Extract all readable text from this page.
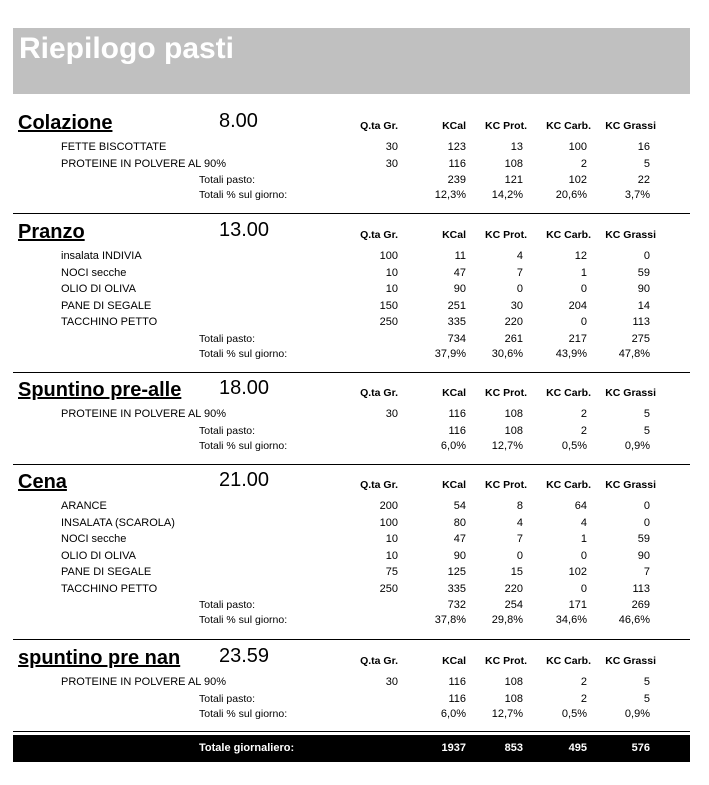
Riepilogo pasti
Colazione	8.00	Q.ta Gr.	KCal KC Prot. KC Carb. KC Grassi
FETTE BISCOTTATE	30	123	13	100	16
PROTEINE IN POLVERE AL 90%	30	116	108	2	5
Totali pasto:	239	121	102	22
Totali % sul giorno:	12,3% 14,2%	20,6%	3,7%
Pranzo	13.00	Q.ta Gr.	KCal KC Prot. KC Carb. KC Grassi
insalata INDIVIA	100	11	4	12	0
NOCI secche	10	47	7	1	59
OLIO DI OLIVA	10	90	0	0	90
PANE DI SEGALE	150	251	30	204	14
TACCHINO PETTO	250	335	220	0	113
Totali pasto:	734	261	217	275
Totali % sul giorno:	37,9% 30,6%	43,9%	47,8%
Spuntino pre-alle 18.00	Q.ta Gr.	KCal KC Prot. KC Carb. KC Grassi
PROTEINE IN POLVERE AL 90%	30	116	108	2	5
Totali pasto:	116	108	2	5
Totali % sul giorno:	6,0% 12,7%	0,5%	0,9%
Cena	21.00	Q.ta Gr.	KCal KC Prot. KC Carb. KC Grassi
ARANCE	200	54	8	64	0
INSALATA (SCAROLA)	100	80	4	4	0
NOCI secche	10	47	7	1	59
OLIO DI OLIVA	10	90	0	0	90
PANE DI SEGALE	75	125	15	102	7
TACCHINO PETTO	250	335	220	0	113
Totali pasto:	732	254	171	269
Totali % sul giorno:	37,8% 29,8%	34,6%	46,6%
spuntino pre nan 23.59	Q.ta Gr.	KCal KC Prot. KC Carb. KC Grassi
PROTEINE IN POLVERE AL 90%	30	116	108	2	5
Totali pasto:	116	108	2	5
Totali % sul giorno:	6,0% 12,7%	0,5%	0,9%
Totale giornaliero:	1937	853	495	576
